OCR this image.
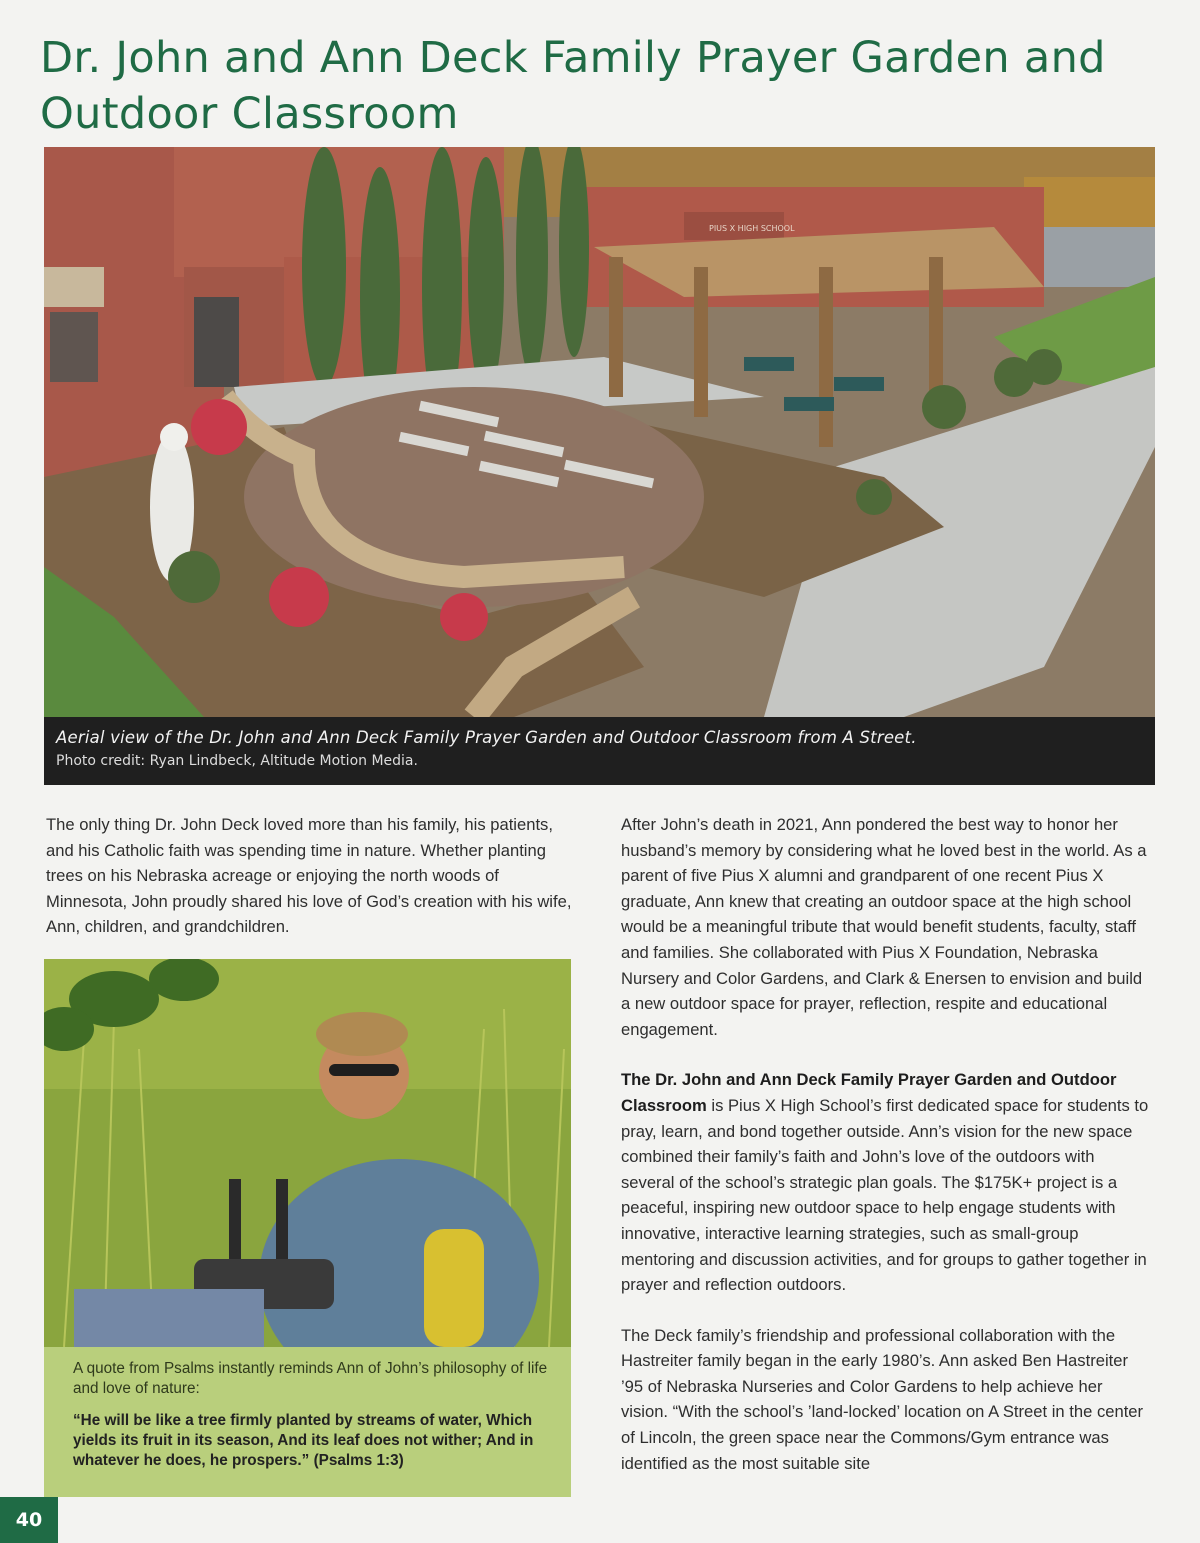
Dr. John and Ann Deck Family Prayer Garden and Outdoor Classroom
PIUS X HIGH SCHOOL
Aerial view of the Dr. John and Ann Deck Family Prayer Garden and Outdoor Classroom from A Street.
Photo credit: Ryan Lindbeck, Altitude Motion Media.
The only thing Dr. John Deck loved more than his family, his patients, and his Catholic faith was spending time in nature. Whether planting trees on his Nebraska acreage or enjoying the north woods of Minnesota, John proudly shared his love of God’s creation with his wife, Ann, children, and grandchildren.
A quote from Psalms instantly reminds Ann of John’s philosophy of life and love of nature:
“He will be like a tree firmly planted by streams of water, Which yields its fruit in its season, And its leaf does not wither; And in whatever he does, he prospers.” (Psalms 1:3)

After John’s death in 2021, Ann pondered the best way to honor her husband’s memory by considering what he loved best in the world. As a parent of five Pius X alumni and grandparent of one recent Pius X graduate, Ann knew that creating an outdoor space at the high school would be a meaningful tribute that would benefit students, faculty, staff and families. She collaborated with Pius X Foundation, Nebraska Nursery and Color Gardens, and Clark & Enersen to envision and build a new outdoor space for prayer, reflection, respite and educational engagement.

The Dr. John and Ann Deck Family Prayer Garden and Outdoor Classroom is Pius X High School’s first dedicated space for students to pray, learn, and bond together outside. Ann’s vision for the new space combined their family’s faith and John’s love of the outdoors with several of the school’s strategic plan goals. The $175K+ project is a peaceful, inspiring new outdoor space to help engage students with innovative, interactive learning strategies, such as small-group mentoring and discussion activities, and for groups to gather together in prayer and reflection outdoors.

The Deck family’s friendship and professional collaboration with the Hastreiter family began in the early 1980’s. Ann asked Ben Hastreiter ’95 of Nebraska Nurseries and Color Gardens to help achieve her vision. “With the school’s ’land-locked’ location on A Street in the center of Lincoln, the green space near the Commons/Gym entrance was identified as the most suitable site

40
